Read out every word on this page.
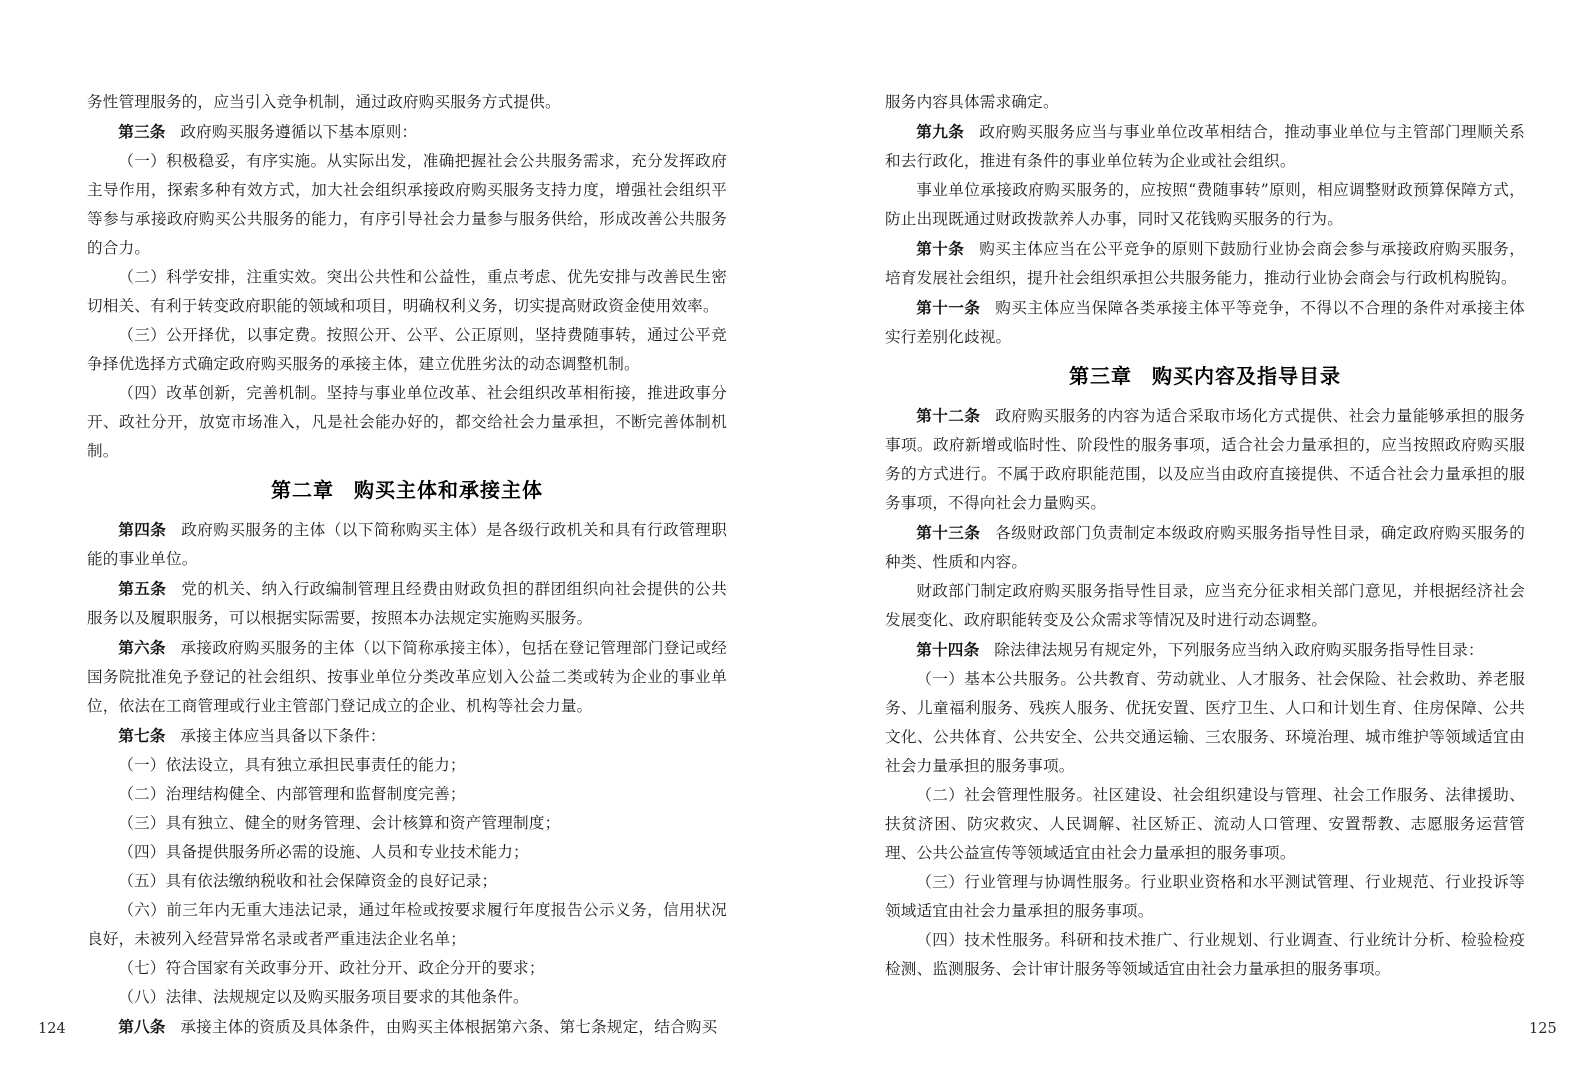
务性管理服务的，应当引入竞争机制，通过政府购买服务方式提供。

第三条 政府购买服务遵循以下基本原则：

（一）积极稳妥，有序实施。从实际出发，准确把握社会公共服务需求，充分发挥政府主导作用，探索多种有效方式，加大社会组织承接政府购买服务支持力度，增强社会组织平等参与承接政府购买公共服务的能力，有序引导社会力量参与服务供给，形成改善公共服务的合力。

（二）科学安排，注重实效。突出公共性和公益性，重点考虑、优先安排与改善民生密切相关、有利于转变政府职能的领域和项目，明确权利义务，切实提高财政资金使用效率。

（三）公开择优，以事定费。按照公开、公平、公正原则，坚持费随事转，通过公平竞争择优选择方式确定政府购买服务的承接主体，建立优胜劣汰的动态调整机制。

（四）改革创新，完善机制。坚持与事业单位改革、社会组织改革相衔接，推进政事分开、政社分开，放宽市场准入，凡是社会能办好的，都交给社会力量承担，不断完善体制机制。

第二章 购买主体和承接主体

第四条 政府购买服务的主体（以下简称购买主体）是各级行政机关和具有行政管理职能的事业单位。

第五条 党的机关、纳入行政编制管理且经费由财政负担的群团组织向社会提供的公共服务以及履职服务，可以根据实际需要，按照本办法规定实施购买服务。

第六条 承接政府购买服务的主体（以下简称承接主体），包括在登记管理部门登记或经国务院批准免予登记的社会组织、按事业单位分类改革应划入公益二类或转为企业的事业单位，依法在工商管理或行业主管部门登记成立的企业、机构等社会力量。

第七条 承接主体应当具备以下条件：

（一）依法设立，具有独立承担民事责任的能力；

（二）治理结构健全、内部管理和监督制度完善；

（三）具有独立、健全的财务管理、会计核算和资产管理制度；

（四）具备提供服务所必需的设施、人员和专业技术能力；

（五）具有依法缴纳税收和社会保障资金的良好记录；

（六）前三年内无重大违法记录，通过年检或按要求履行年度报告公示义务，信用状况良好，未被列入经营异常名录或者严重违法企业名单；

（七）符合国家有关政事分开、政社分开、政企分开的要求；

（八）法律、法规规定以及购买服务项目要求的其他条件。

第八条 承接主体的资质及具体条件，由购买主体根据第六条、第七条规定，结合购买

服务内容具体需求确定。

第九条 政府购买服务应当与事业单位改革相结合，推动事业单位与主管部门理顺关系和去行政化，推进有条件的事业单位转为企业或社会组织。

事业单位承接政府购买服务的，应按照“费随事转”原则，相应调整财政预算保障方式，防止出现既通过财政拨款养人办事，同时又花钱购买服务的行为。

第十条 购买主体应当在公平竞争的原则下鼓励行业协会商会参与承接政府购买服务，培育发展社会组织，提升社会组织承担公共服务能力，推动行业协会商会与行政机构脱钩。

第十一条 购买主体应当保障各类承接主体平等竞争，不得以不合理的条件对承接主体实行差别化歧视。

第三章 购买内容及指导目录

第十二条 政府购买服务的内容为适合采取市场化方式提供、社会力量能够承担的服务事项。政府新增或临时性、阶段性的服务事项，适合社会力量承担的，应当按照政府购买服务的方式进行。不属于政府职能范围，以及应当由政府直接提供、不适合社会力量承担的服务事项，不得向社会力量购买。

第十三条 各级财政部门负责制定本级政府购买服务指导性目录，确定政府购买服务的种类、性质和内容。

财政部门制定政府购买服务指导性目录，应当充分征求相关部门意见，并根据经济社会发展变化、政府职能转变及公众需求等情况及时进行动态调整。

第十四条 除法律法规另有规定外，下列服务应当纳入政府购买服务指导性目录：

（一）基本公共服务。公共教育、劳动就业、人才服务、社会保险、社会救助、养老服务、儿童福利服务、残疾人服务、优抚安置、医疗卫生、人口和计划生育、住房保障、公共文化、公共体育、公共安全、公共交通运输、三农服务、环境治理、城市维护等领域适宜由社会力量承担的服务事项。

（二）社会管理性服务。社区建设、社会组织建设与管理、社会工作服务、法律援助、扶贫济困、防灾救灾、人民调解、社区矫正、流动人口管理、安置帮教、志愿服务运营管理、公共公益宣传等领域适宜由社会力量承担的服务事项。

（三）行业管理与协调性服务。行业职业资格和水平测试管理、行业规范、行业投诉等领域适宜由社会力量承担的服务事项。

（四）技术性服务。科研和技术推广、行业规划、行业调查、行业统计分析、检验检疫检测、监测服务、会计审计服务等领域适宜由社会力量承担的服务事项。

124	125
